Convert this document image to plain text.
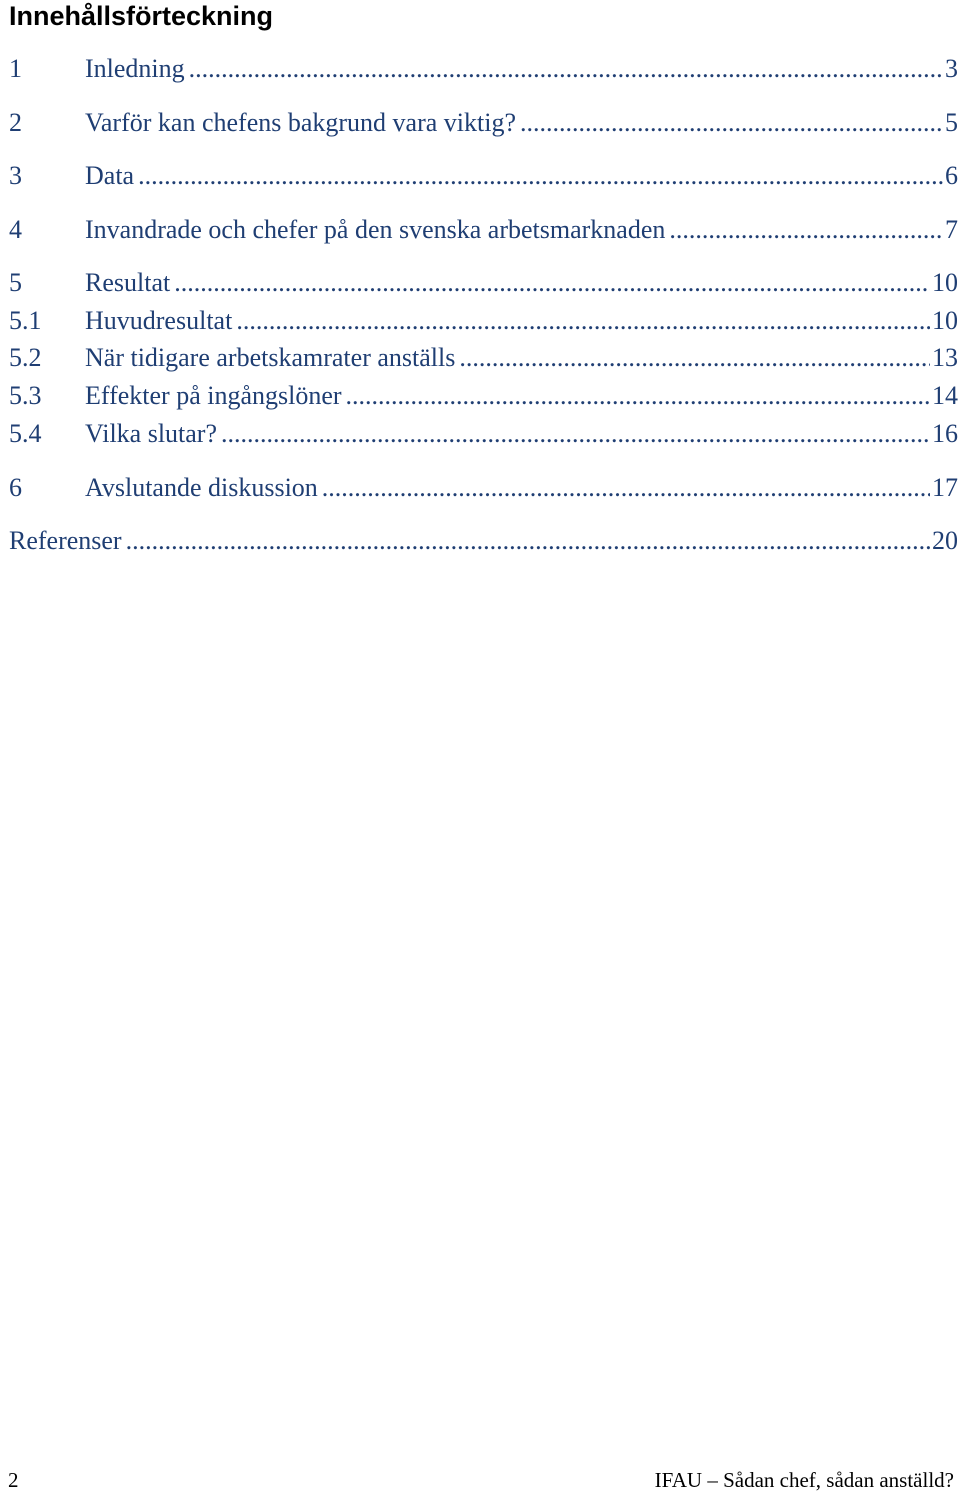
Innehållsförteckning
1	Inledning .....	3
2	Varför kan chefens bakgrund vara viktig? .....	5
3	Data .....	6
4	Invandrade och chefer på den svenska arbetsmarknaden .....	7
5	Resultat .....	10
5.1	Huvudresultat .....	10
5.2	När tidigare arbetskamrater anställs .....	13
5.3	Effekter på ingångslöner .....	14
5.4	Vilka slutar? .....	16
6	Avslutande diskussion .....	17
Referenser .....	20
2	IFAU – Sådan chef, sådan anställd?
